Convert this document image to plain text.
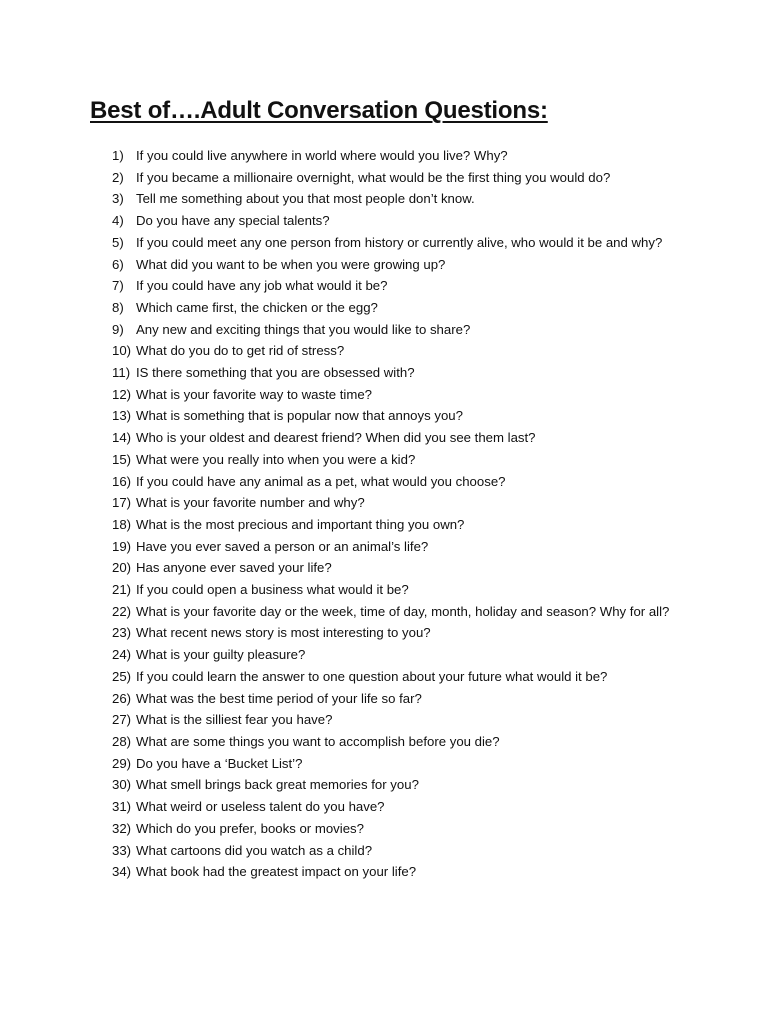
Best of….Adult Conversation Questions:
1) If you could live anywhere in world where would you live? Why?
2) If you became a millionaire overnight, what would be the first thing you would do?
3) Tell me something about you that most people don’t know.
4) Do you have any special talents?
5) If you could meet any one person from history or currently alive, who would it be and why?
6) What did you want to be when you were growing up?
7) If you could have any job what would it be?
8) Which came first, the chicken or the egg?
9) Any new and exciting things that you would like to share?
10) What do you do to get rid of stress?
11) IS there something that you are obsessed with?
12) What is your favorite way to waste time?
13) What is something that is popular now that annoys you?
14) Who is your oldest and dearest friend? When did you see them last?
15) What were you really into when you were a kid?
16) If you could have any animal as a pet, what would you choose?
17) What is your favorite number and why?
18) What is the most precious and important thing you own?
19) Have you ever saved a person or an animal’s life?
20) Has anyone ever saved your life?
21) If you could open a business what would it be?
22) What is your favorite day or the week, time of day, month, holiday and season? Why for all?
23) What recent news story is most interesting to you?
24) What is your guilty pleasure?
25) If you could learn the answer to one question about your future what would it be?
26) What was the best time period of your life so far?
27) What is the silliest fear you have?
28) What are some things you want to accomplish before you die?
29) Do you have a ‘Bucket List’?
30) What smell brings back great memories for you?
31) What weird or useless talent do you have?
32) Which do you prefer, books or movies?
33) What cartoons did you watch as a child?
34) What book had the greatest impact on your life?
